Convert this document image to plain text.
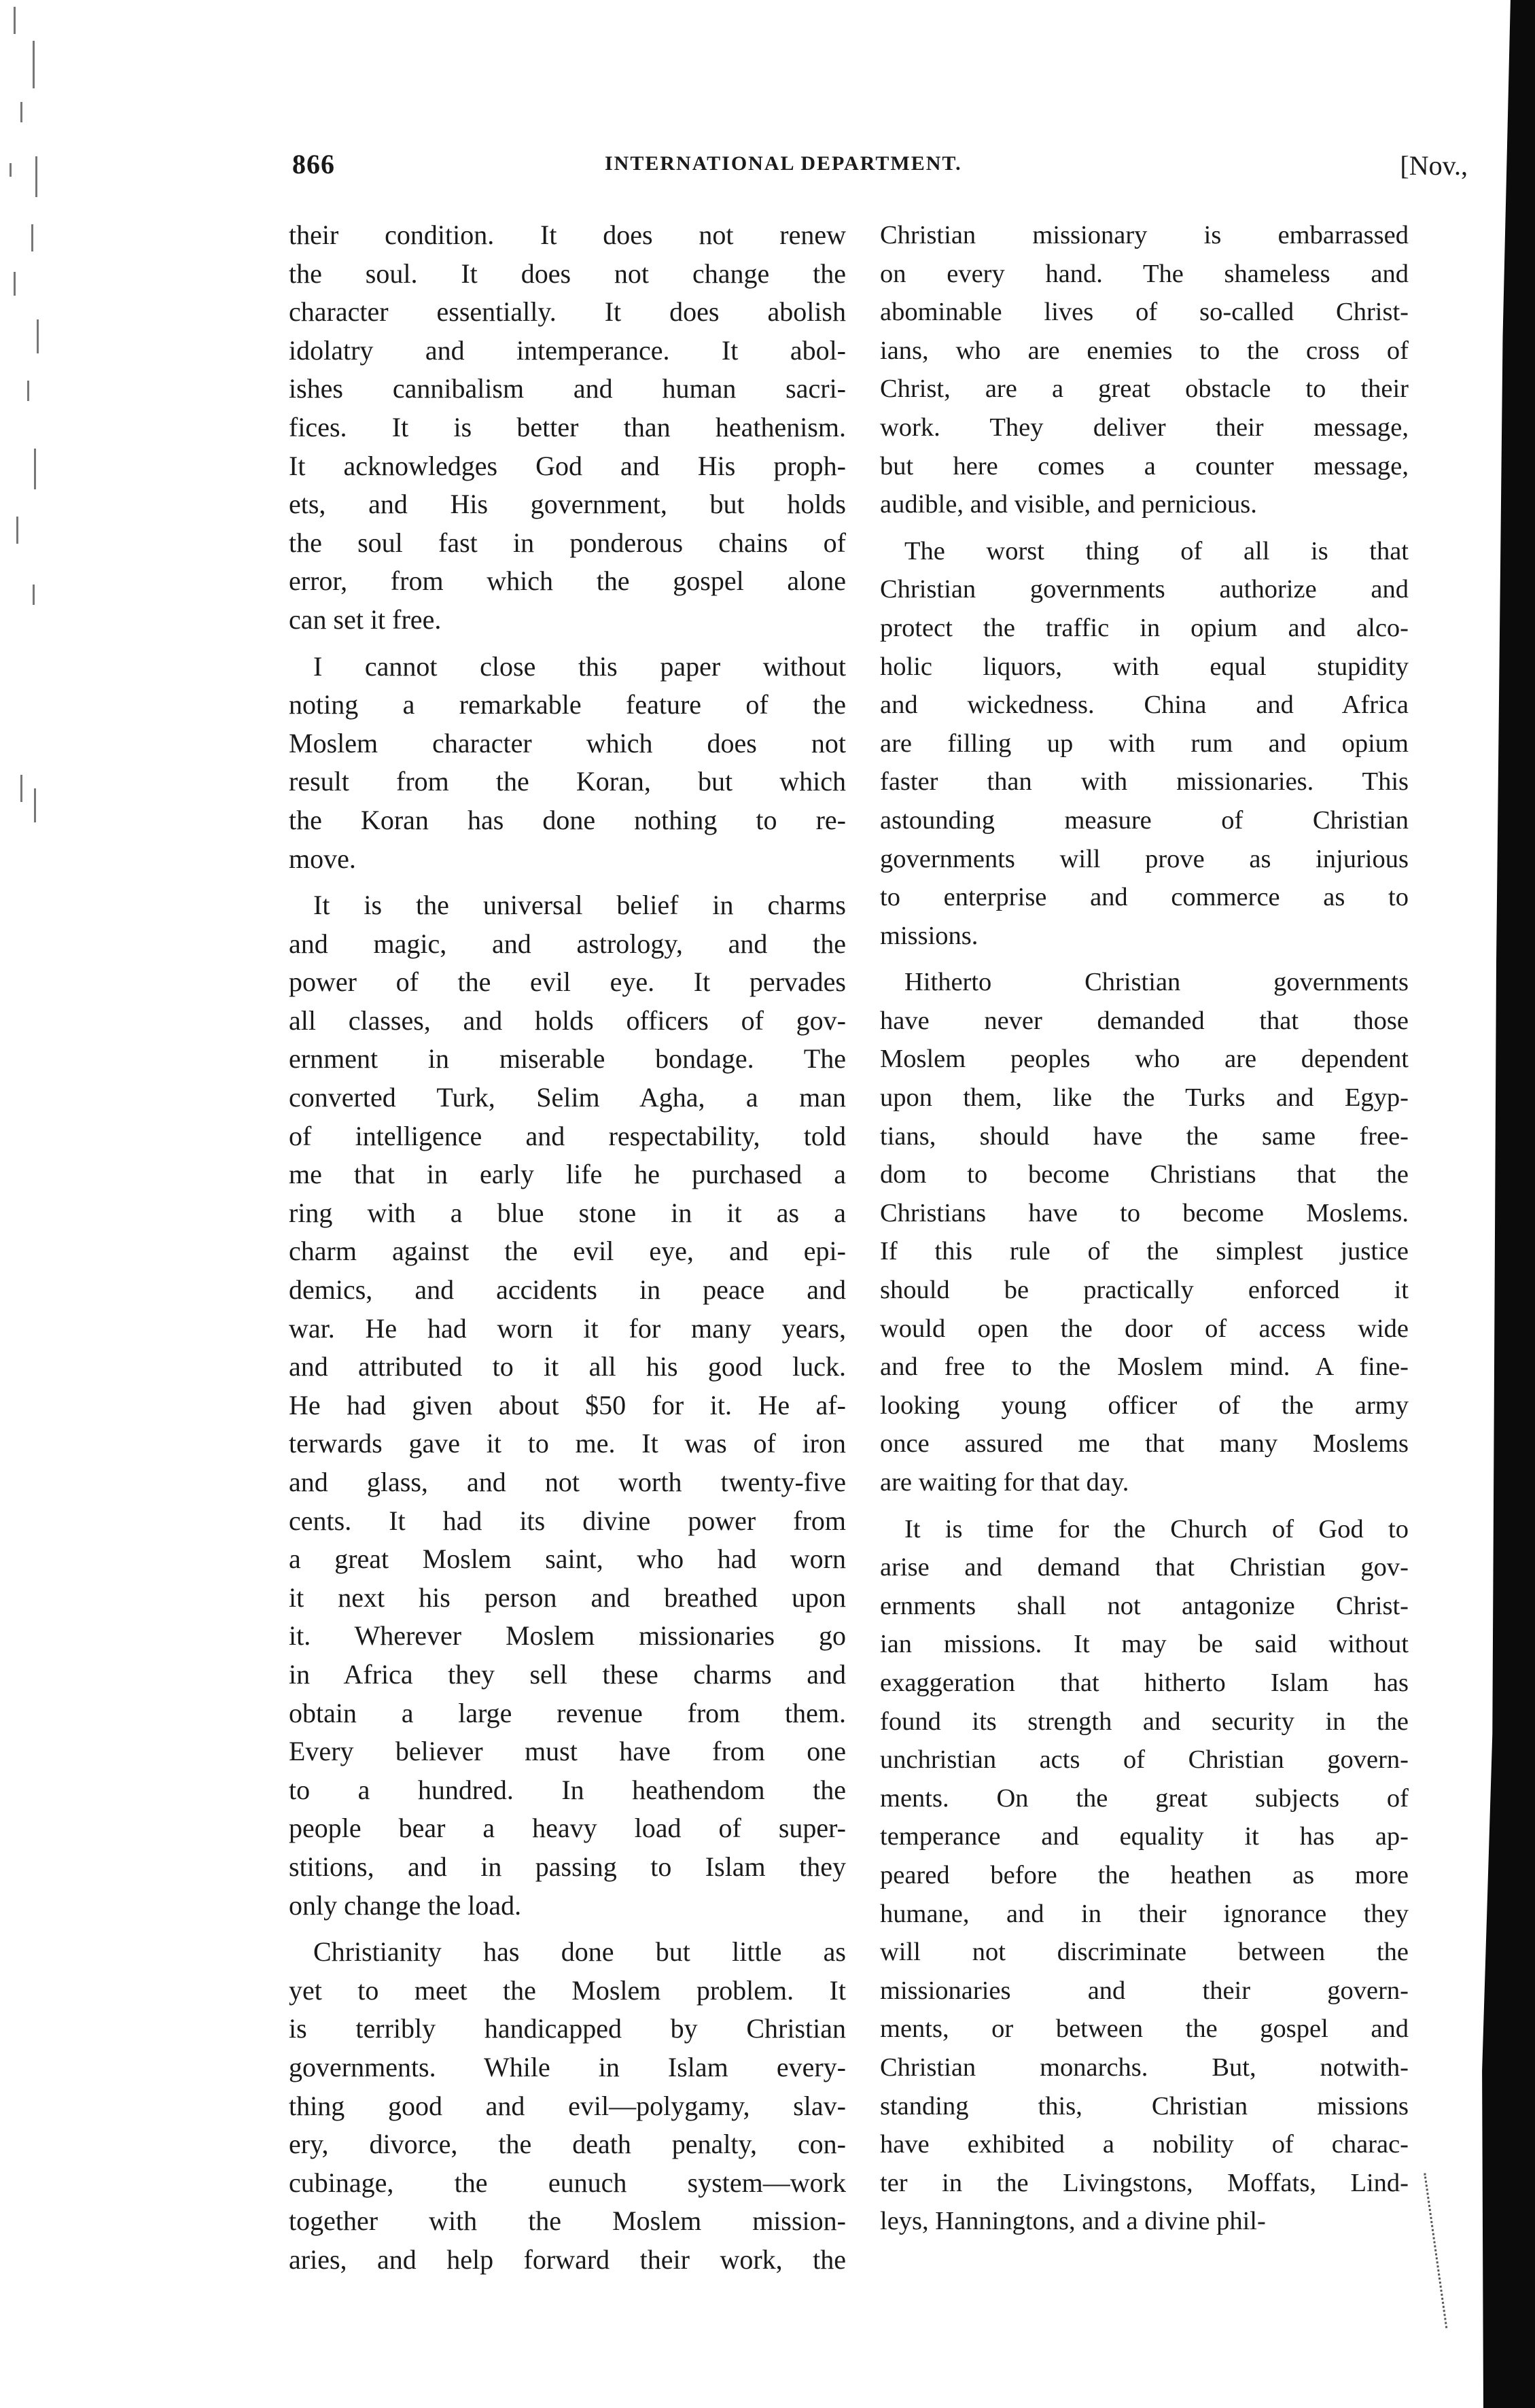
866	INTERNATIONAL DEPARTMENT.	[Nov.,
their condition. It does not renew
the soul. It does not change the
character essentially. It does abolish
idolatry and intemperance. It abol-
ishes cannibalism and human sacri-
fices. It is better than heathenism.
It acknowledges God and His proph-
ets, and His government, but holds
the soul fast in ponderous chains of
error, from which the gospel alone
can set it free.
I cannot close this paper without
noting a remarkable feature of the
Moslem character which does not
result from the Koran, but which
the Koran has done nothing to re-
move.
It is the universal belief in charms
and magic, and astrology, and the
power of the evil eye. It pervades
all classes, and holds officers of gov-
ernment in miserable bondage. The
converted Turk, Selim Agha, a man
of intelligence and respectability, told
me that in early life he purchased a
ring with a blue stone in it as a
charm against the evil eye, and epi-
demics, and accidents in peace and
war. He had worn it for many years,
and attributed to it all his good luck.
He had given about $50 for it. He af-
terwards gave it to me. It was of iron
and glass, and not worth twenty-five
cents. It had its divine power from
a great Moslem saint, who had worn
it next his person and breathed upon
it. Wherever Moslem missionaries go
in Africa they sell these charms and
obtain a large revenue from them.
Every believer must have from one
to a hundred. In heathendom the
people bear a heavy load of super-
stitions, and in passing to Islam they
only change the load.
Christianity has done but little as
yet to meet the Moslem problem. It
is terribly handicapped by Christian
governments. While in Islam every-
thing good and evil—polygamy, slav-
ery, divorce, the death penalty, con-
cubinage, the eunuch system—work
together with the Moslem mission-
aries, and help forward their work, the
Christian missionary is embarrassed
on every hand. The shameless and
abominable lives of so-called Christ-
ians, who are enemies to the cross of
Christ, are a great obstacle to their
work. They deliver their message,
but here comes a counter message,
audible, and visible, and pernicious.
The worst thing of all is that
Christian governments authorize and
protect the traffic in opium and alco-
holic liquors, with equal stupidity
and wickedness. China and Africa
are filling up with rum and opium
faster than with missionaries. This
astounding measure of Christian
governments will prove as injurious
to enterprise and commerce as to
missions.
Hitherto Christian governments
have never demanded that those
Moslem peoples who are dependent
upon them, like the Turks and Egyp-
tians, should have the same free-
dom to become Christians that the
Christians have to become Moslems.
If this rule of the simplest justice
should be practically enforced it
would open the door of access wide
and free to the Moslem mind. A fine-
looking young officer of the army
once assured me that many Moslems
are waiting for that day.
It is time for the Church of God to
arise and demand that Christian gov-
ernments shall not antagonize Christ-
ian missions. It may be said without
exaggeration that hitherto Islam has
found its strength and security in the
unchristian acts of Christian govern-
ments. On the great subjects of
temperance and equality it has ap-
peared before the heathen as more
humane, and in their ignorance they
will not discriminate between the
missionaries and their govern-
ments, or between the gospel and
Christian monarchs. But, notwith-
standing this, Christian missions
have exhibited a nobility of charac-
ter in the Livingstons, Moffats, Lind-
leys, Hanningtons, and a divine phil-
